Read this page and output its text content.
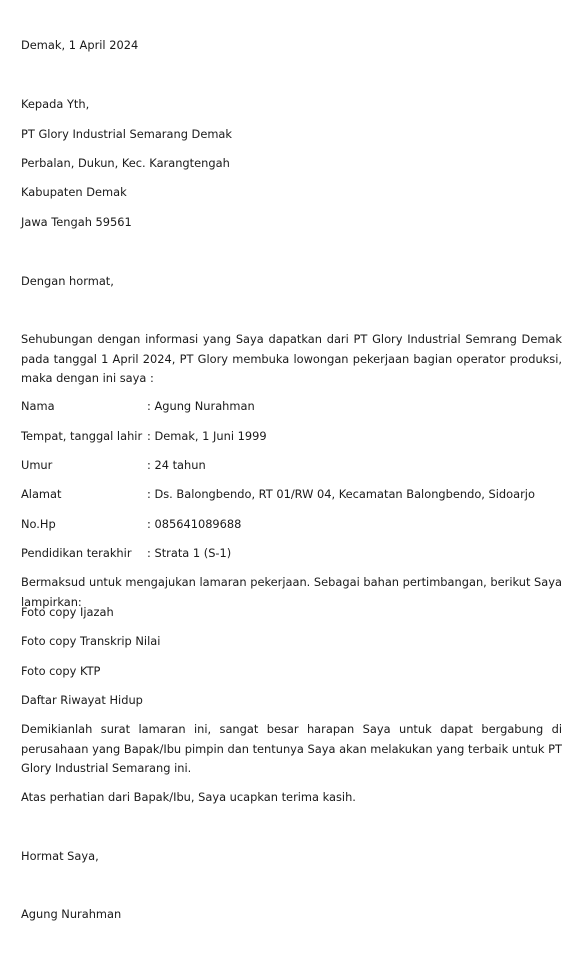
Demak, 1 April 2024
Kepada Yth,
PT Glory Industrial Semarang Demak
Perbalan, Dukun, Kec. Karangtengah
Kabupaten Demak
Jawa Tengah 59561
Dengan hormat,
Sehubungan dengan informasi yang Saya dapatkan dari PT Glory Industrial Semrang Demak pada tanggal 1 April 2024, PT Glory membuka lowongan pekerjaan bagian operator produksi, maka dengan ini saya :
Nama	: Agung Nurahman
Tempat, tanggal lahir : Demak, 1 Juni 1999
Umur	: 24 tahun
Alamat	: Ds. Balongbendo, RT 01/RW 04, Kecamatan Balongbendo, Sidoarjo
No.Hp	: 085641089688
Pendidikan terakhir : Strata 1 (S-1)
Bermaksud untuk mengajukan lamaran pekerjaan. Sebagai bahan pertimbangan, berikut Saya lampirkan:
Foto copy Ijazah
Foto copy Transkrip Nilai
Foto copy KTP
Daftar Riwayat Hidup
Demikianlah surat lamaran ini, sangat besar harapan Saya untuk dapat bergabung di perusahaan yang Bapak/Ibu pimpin dan tentunya Saya akan melakukan yang terbaik untuk PT Glory Industrial Semarang ini.
Atas perhatian dari Bapak/Ibu, Saya ucapkan terima kasih.
Hormat Saya,
Agung Nurahman
